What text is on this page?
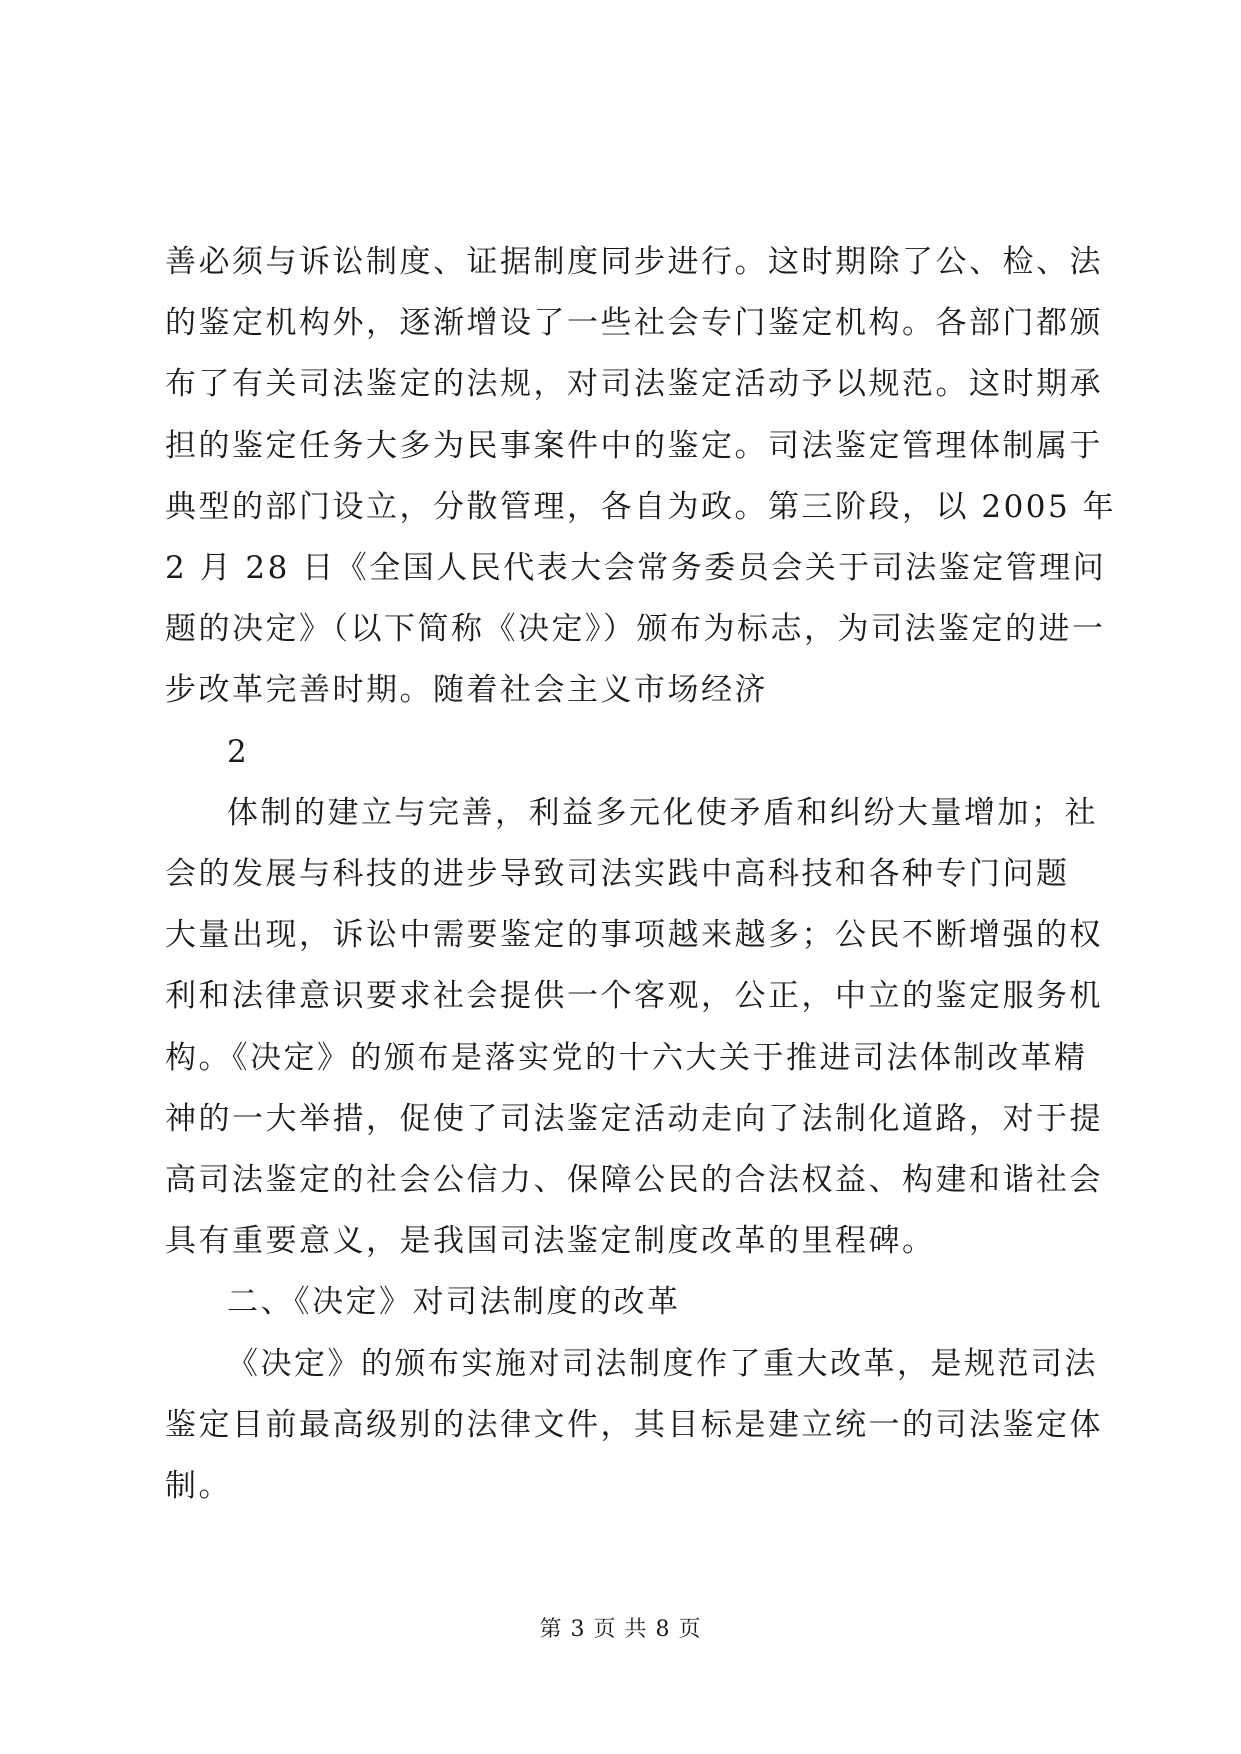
善必须与诉讼制度、证据制度同步进行。这时期除了公、检、法
的鉴定机构外，逐渐增设了一些社会专门鉴定机构。各部门都颁
布了有关司法鉴定的法规，对司法鉴定活动予以规范。这时期承
担的鉴定任务大多为民事案件中的鉴定。司法鉴定管理体制属于
典型的部门设立，分散管理，各自为政。第三阶段，以 2005 年
2 月 28 日《全国人民代表大会常务委员会关于司法鉴定管理问
题的决定》（以下简称《决定》）颁布为标志，为司法鉴定的进一
步改革完善时期。随着社会主义市场经济
2
体制的建立与完善，利益多元化使矛盾和纠纷大量增加；社
会的发展与科技的进步导致司法实践中高科技和各种专门问题
大量出现，诉讼中需要鉴定的事项越来越多；公民不断增强的权
利和法律意识要求社会提供一个客观，公正，中立的鉴定服务机
构。《决定》的颁布是落实党的十六大关于推进司法体制改革精
神的一大举措，促使了司法鉴定活动走向了法制化道路，对于提
高司法鉴定的社会公信力、保障公民的合法权益、构建和谐社会
具有重要意义，是我国司法鉴定制度改革的里程碑。
二、《决定》对司法制度的改革
《决定》的颁布实施对司法制度作了重大改革，是规范司法
鉴定目前最高级别的法律文件，其目标是建立统一的司法鉴定体
制。
第 3 页 共 8 页
